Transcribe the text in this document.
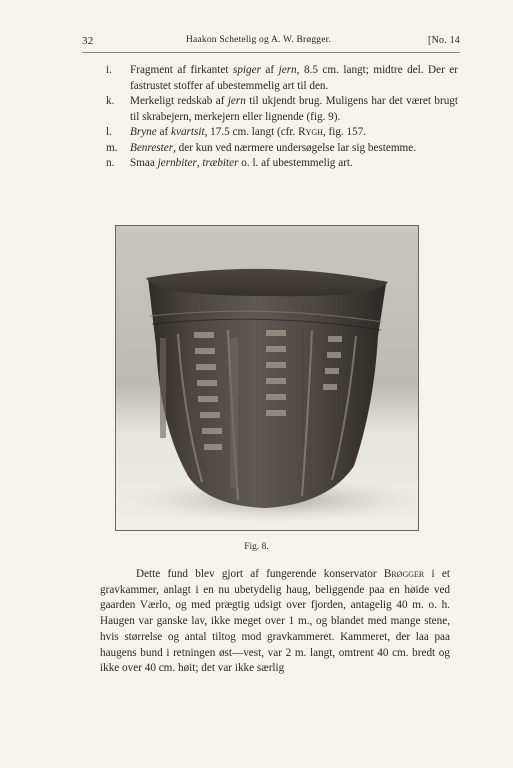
32	Haakon Schetelig og A. W. Brøgger.	[No. 14
i.	Fragment af firkantet spiger af jern, 8.5 cm. langt; midtre del. Der er fastrustet stoffer af ubestemmelig art til den.
k.	Merkeligt redskab af jern til ukjendt brug. Muligens har det været brugt til skrabejern, merkejern eller lignende (fig. 9).
l.	Bryne af kvartsit, 17.5 cm. langt (cfr. Rygh, fig. 157.
m.	Benrester, der kun ved nærmere undersøgelse lar sig bestemme.
n.	Smaa jernbiter, træbiter o. l. af ubestemmelig art.
Fig. 8.

Dette fund blev gjort af fungerende konservator Brøgger i et gravkammer, anlagt i en nu ubetydelig haug, beliggende paa en høide ved gaarden Værlo, og med prægtig udsigt over fjorden, antagelig 40 m. o. h. Haugen var ganske lav, ikke meget over 1 m., og blandet med mange stene, hvis størrelse og antal tiltog mod gravkammeret. Kammeret, der laa paa haugens bund i retningen øst—vest, var 2 m. langt, omtrent 40 cm. bredt og ikke over 40 cm. høit; det var ikke særlig
